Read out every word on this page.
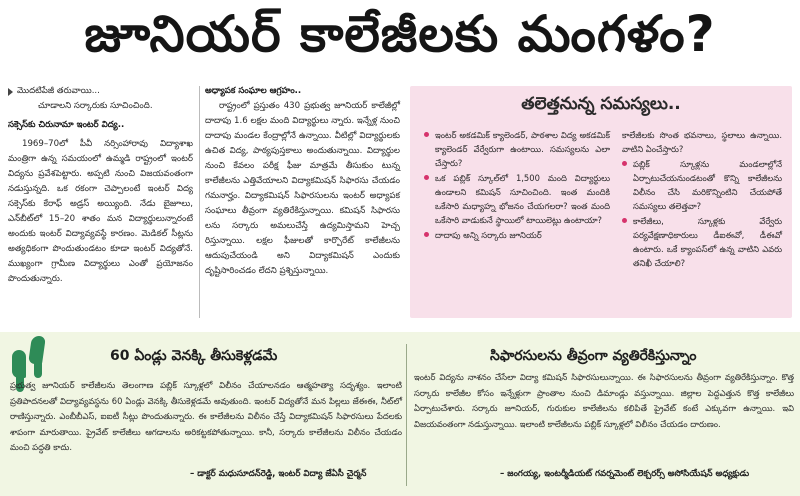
జూనియర్ కాలేజీలకు మంగళం?
మొదటిపేజీ తరువాయి...

చూడాలని సర్కారుకు సూచించింది.

సక్సెస్‌కు చిరునామా ఇంటర్ విద్య..

1969–70లో పీవీ నర్సింహారావు విద్యాశాఖ మంత్రిగా ఉన్న సమయంలో ఉమ్మడి రాష్ట్రంలో ఇంటర్ విద్యను ప్రవేశపెట్టారు. అప్పటి నుంచి విజయవంతంగా నడుస్తున్నది. ఒక రకంగా చెప్పాలంటే ఇంటర్ విద్య సక్సెస్‌కు కేరాఫ్ అడ్రస్ అయ్యింది. నేడు బైజూలు, ఎన్‌బీట్‌లో 15–20 శాతం మన విద్యార్థులున్నారంటే అందుకు ఇంటర్ విద్యావ్యవస్థే కారణం. మెడికల్ సీట్లను అత్యధికంగా పొందుతుండటం కూడా ఇంటర్ విద్యతోనే. ముఖ్యంగా గ్రామీణ విద్యార్థులు ఎంతో ప్రయోజనం పొందుతున్నారు.

అధ్యాపక సంఘాల ఆగ్రహం..

రాష్ట్రంలో ప్రస్తుతం 430 ప్రభుత్వ జూనియర్ కాలేజీల్లో దాదాపు 1.6 లక్షల మంది విద్యార్థులు న్నారు. ఇన్నేళ్ల నుంచి దాదాపు మండల కేంద్రాల్లోనే ఉన్నాయి. వీటిల్లో విద్యార్థులకు ఉచిత విద్య, పాఠ్యపుస్తకాలు అందుతున్నాయి. విద్యార్థుల నుంచి కేవలం పరీక్ష ఫీజు మాత్రమే తీసుకుం టున్న కాలేజీలను ఎత్తివేయాలని విద్యాకమిషన్ సిఫారసు చేయడం గమనార్హం. విద్యాకమిషన్ సిఫారసులను ఇంటర్ అధ్యాపక సంఘాలు తీవ్రంగా వ్యతిరేకిస్తున్నాయి. కమిషన్ సిఫారసు లను సర్కారు అమలుచేస్తే ఉద్యమిస్తామని హెచ్చ రిస్తున్నాయి. లక్షల ఫీజులతో కార్పొరేట్ కాలేజీలను ఆదుపుచేయండి అని విద్యాకమిషన్ ఎందుకు దృష్టిసారించడం లేదని ప్రశ్నిస్తున్నాయి.

తలెత్తనున్న సమస్యలు..
ఇంటర్ అకడమిక్ క్యాలెండర్, పాఠశాల విద్య అకడమిక్ క్యాలెండర్ వేర్వేరుగా ఉంటాయి. సమస్యలను ఎలా చేస్తారు?
ఒక పబ్లిక్ స్కూల్‌లో 1,500 మంది విద్యార్థులు ఉండాలని కమిషన్ సూచించింది. ఇంత మందికి ఒకేసారి మధ్యాహ్న భోజనం చేయగలరా? ఇంత మంది ఒకేసారి వాడుకునే స్థాయిలో టాయిలెట్లు ఉంటాయా?
దాదాపు అన్ని సర్కారు జూనియర్
కాలేజీలకు సొంత భవనాలు, స్థలాలు ఉన్నాయి. వాటిని ఏంచేస్తారు?
పబ్లిక్ స్కూళ్లను మండలాల్లోనే ఏర్పాటుచేయనుండటంతో కొన్ని కాలేజీలను విలీనం చేసి మరికొన్నింటిని చేయపోతే సమస్యలు తలెత్తవా?
కాలేజీలు, స్కూళ్లకు వేర్వేరు పర్యవేక్షణాధికారులు డీఐఈవో, డీఈవో ఉంటారు. ఒకే క్యాంపస్‌లో ఉన్న వాటిని ఎవరు తనిఖీ చేయాలి?
60 ఏండ్లు వెనక్కి తీసుకెళ్లడమే	సిఫారసులను తీవ్రంగా వ్యతిరేకిస్తున్నాం

ప్రభుత్వ జూనియర్ కాలేజీలను తెలంగాణ పబ్లిక్ స్కూళ్లలో విలీనం చేయాలనడం ఆత్మహత్యా సదృశ్యం. ఇలాంటి ప్రతిపాదనలతో విద్యావ్యవస్థను 60 ఏండ్లు వెనక్కి తీసుకెళ్లడమే అవుతుంది. ఇంటర్ విద్యతోనే మన పిల్లలు జేఈఈ, నీట్‌లో రాణిస్తున్నారు. ఎంబీబీఎస్, ఐఐటీ సీట్లు పొందుతున్నారు. ఈ కాలేజీలను విలీనం చేస్తే విద్యాకమిషన్ సిఫారసులు పేదలకు శాపంగా మారుతాయి. ప్రైవేట్ కాలేజీలు ఆగడాలను అరికట్టకపోతున్నాయి. కానీ, సర్కారు కాలేజీలను విలీనం చేయడం మంచి పద్ధతి కాదు.

ఇంటర్ విద్యను నాశనం చేసేలా విద్యా కమిషన్ సిఫారసులున్నాయి. ఈ సిఫారసులను తీవ్రంగా వ్యతిరేకిస్తున్నాం. కొత్త సర్కారు కాలేజీల కోసం ఇన్నేళ్లుగా ప్రాంతాల నుంచి డిమాండ్లు వస్తున్నాయి. జిల్లాల పెద్దఎత్తున కొత్త కాలేజీలు ఏర్పాటుచేశారు. సర్కారు జూనియర్, గురుకుల కాలేజీలను కలిపితే ప్రైవేట్ కంటే ఎక్కువగా ఉన్నాయి. ఇవి విజయవంతంగా నడుస్తున్నాయి. ఇలాంటి కాలేజీలను పబ్లిక్ స్కూళ్లలో విలీనం చేయడం దారుణం.

– డాక్టర్ మధుసూదన్‌రెడ్డి, ఇంటర్ విద్యా జేఏసీ చైర్మన్	– జంగయ్య, ఇంటర్మీడియట్ గవర్నమెంట్ లెక్చరర్స్ అసోసియేషన్ అధ్యక్షుడు
